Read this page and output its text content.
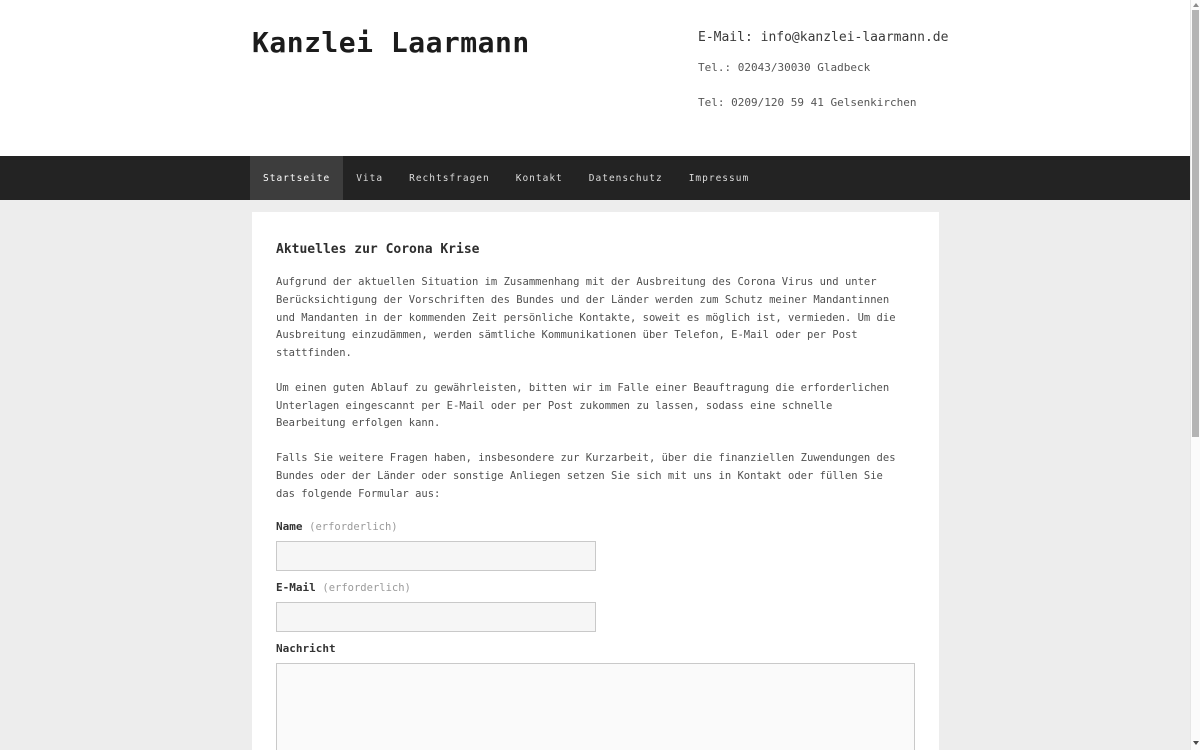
Kanzlei Laarmann	E-Mail: info@kanzlei-laarmann.de
Tel.: 02043/30030 Gladbeck
Tel: 0209/120 59 41 Gelsenkirchen
Startseite	Vita	Rechtsfragen	Kontakt	Datenschutz	Impressum
Aktuelles zur Corona Krise

Aufgrund der aktuellen Situation im Zusammenhang mit der Ausbreitung des Corona Virus und unter Berücksichtigung der Vorschriften des Bundes und der Länder werden zum Schutz meiner Mandantinnen und Mandanten in der kommenden Zeit persönliche Kontakte, soweit es möglich ist, vermieden. Um die Ausbreitung einzudämmen, werden sämtliche Kommunikationen über Telefon, E-Mail oder per Post stattfinden.

Um einen guten Ablauf zu gewährleisten, bitten wir im Falle einer Beauftragung die erforderlichen Unterlagen eingescannt per E-Mail oder per Post zukommen zu lassen, sodass eine schnelle Bearbeitung erfolgen kann.

Falls Sie weitere Fragen haben, insbesondere zur Kurzarbeit, über die finanziellen Zuwendungen des Bundes oder der Länder oder sonstige Anliegen setzen Sie sich mit uns in Kontakt oder füllen Sie das folgende Formular aus:

Name (erforderlich)
E-Mail (erforderlich)
Nachricht
